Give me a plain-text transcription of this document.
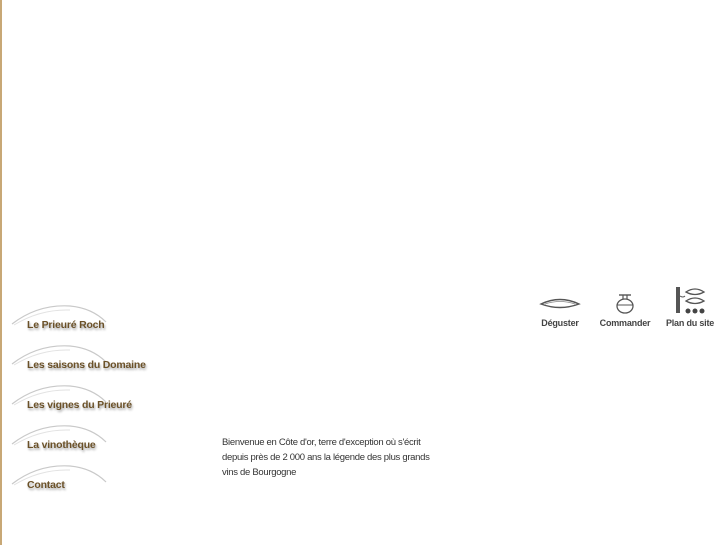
Le Prieuré Roch
Les saisons du Domaine
Les vignes du Prieuré
La vinothèque
Contact
Déguster	Commander	Plan du site
Bienvenue en Côte d'or, terre d'exception où s'écrit
depuis près de 2 000 ans la légende des plus grands
vins de Bourgogne
